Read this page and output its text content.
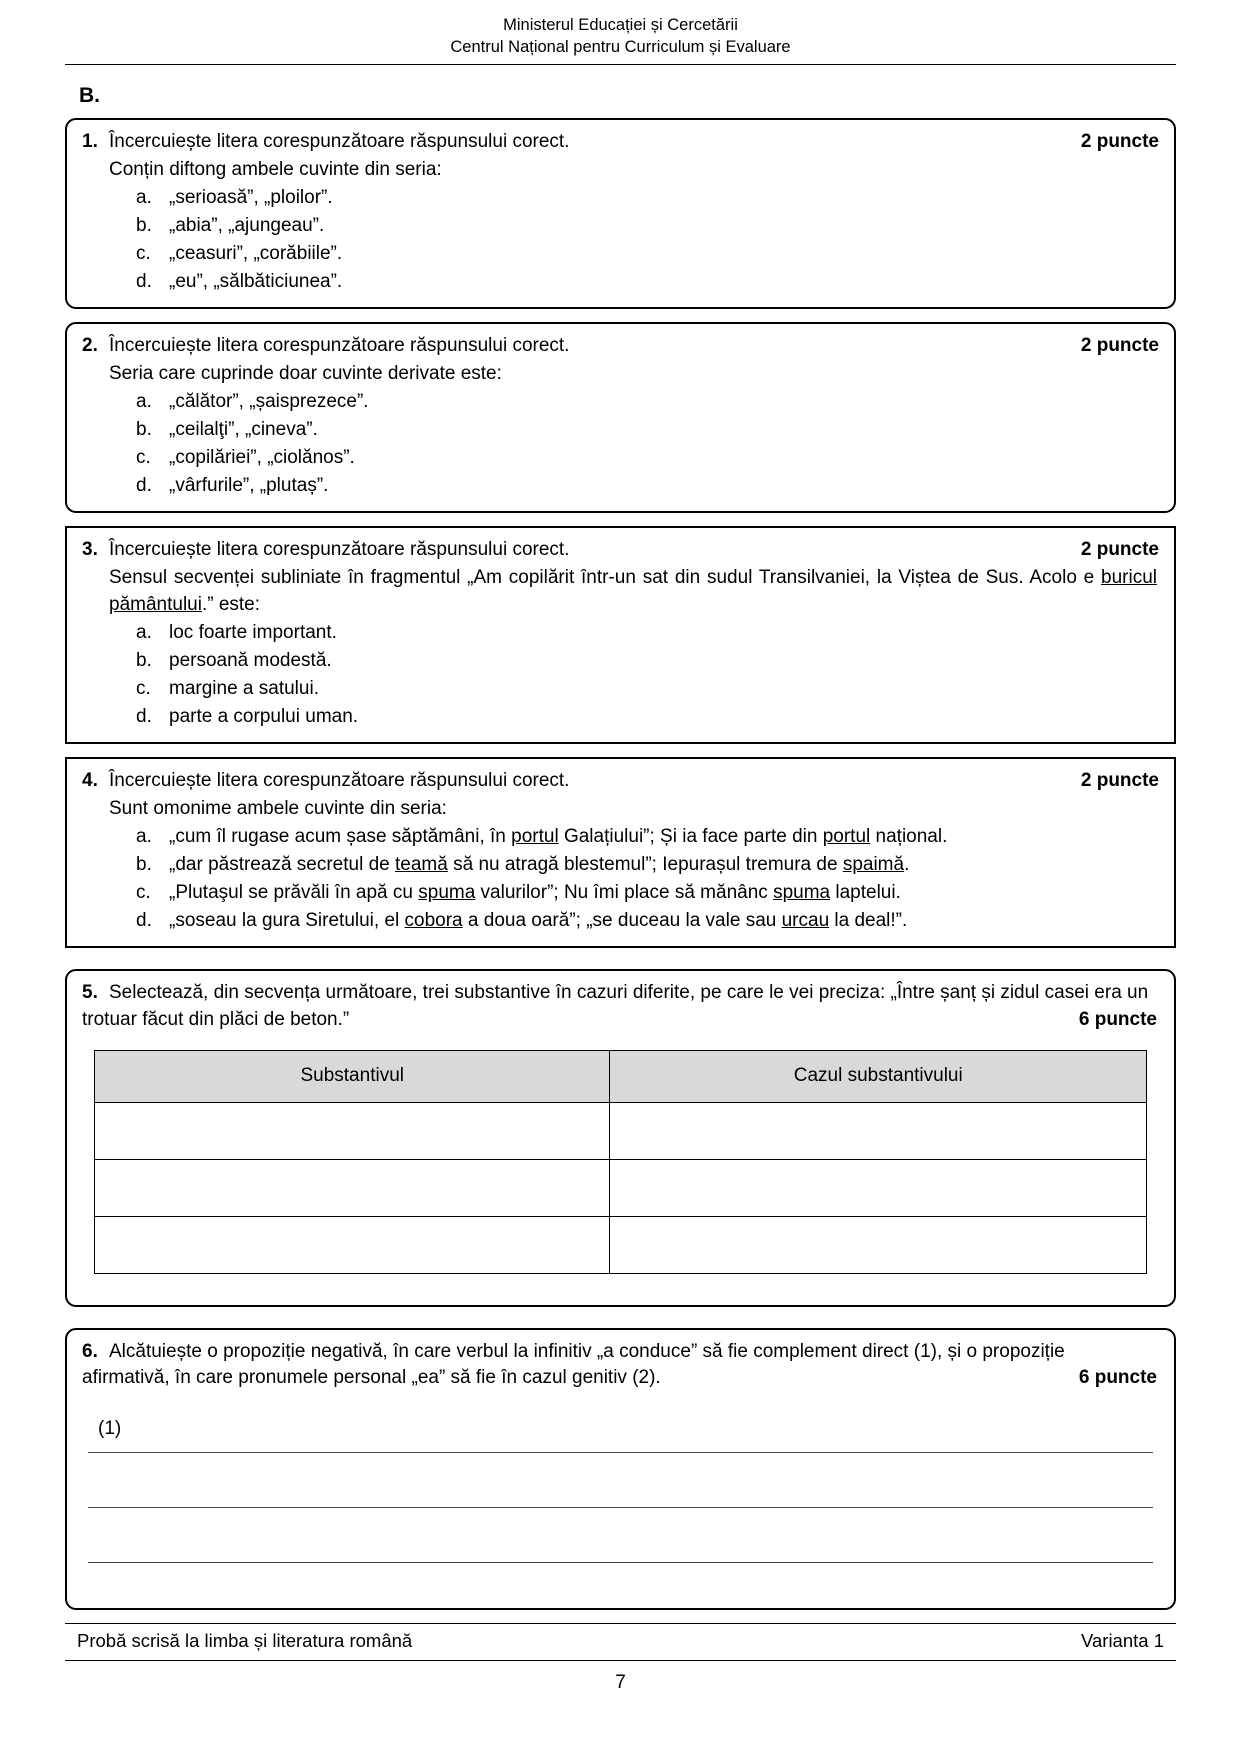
Ministerul Educației și Cercetării
Centrul Național pentru Curriculum și Evaluare
B.
1. Încercuiește litera corespunzătoare răspunsului corect.	2 puncte

Conțin diftong ambele cuvinte din seria:

a. „serioasă”, „ploilor”.
b. „abia”, „ajungeau”.
c. „ceasuri”, „corăbiile”.
d. „eu”, „sălbăticiunea”.
2. Încercuiește litera corespunzătoare răspunsului corect.	2 puncte

Seria care cuprinde doar cuvinte derivate este:

a. „călător”, „șaisprezece”.
b. „ceilalţi”, „cineva”.
c. „copilăriei”, „ciolănos”.
d. „vârfurile”, „plutaș”.
3. Încercuiește litera corespunzătoare răspunsului corect.	2 puncte

Sensul secvenței subliniate în fragmentul „Am copilărit într-un sat din sudul Transilvaniei, la Viștea de Sus. Acolo e buricul pământului.” este:

a. loc foarte important.
b. persoană modestă.
c. margine a satului.
d. parte a corpului uman.
4. Încercuiește litera corespunzătoare răspunsului corect.	2 puncte

Sunt omonime ambele cuvinte din seria:

a. „cum îl rugase acum șase săptămâni, în portul Galațiului”; Și ia face parte din portul național.
b. „dar păstrează secretul de teamă să nu atragă blestemul”; Iepurașul tremura de spaimă.
c. „Plutaşul se prăvăli în apă cu spuma valurilor”; Nu îmi place să mănânc spuma laptelui.
d. „soseau la gura Siretului, el cobora a doua oară”; „se duceau la vale sau urcau la deal!”.

5. Selectează, din secvența următoare, trei substantive în cazuri diferite, pe care le vei preciza: „Între șanț și zidul casei era un trotuar făcut din plăci de beton.”	6 puncte
Substantivul	Cazul substantivului

6. Alcătuiește o propoziție negativă, în care verbul la infinitiv „a conduce” să fie complement direct (1), și o propoziție afirmativă, în care pronumele personal „ea” să fie în cazul genitiv (2).	6 puncte
(1)
Probă scrisă la limba și literatura română	Varianta 1
7
